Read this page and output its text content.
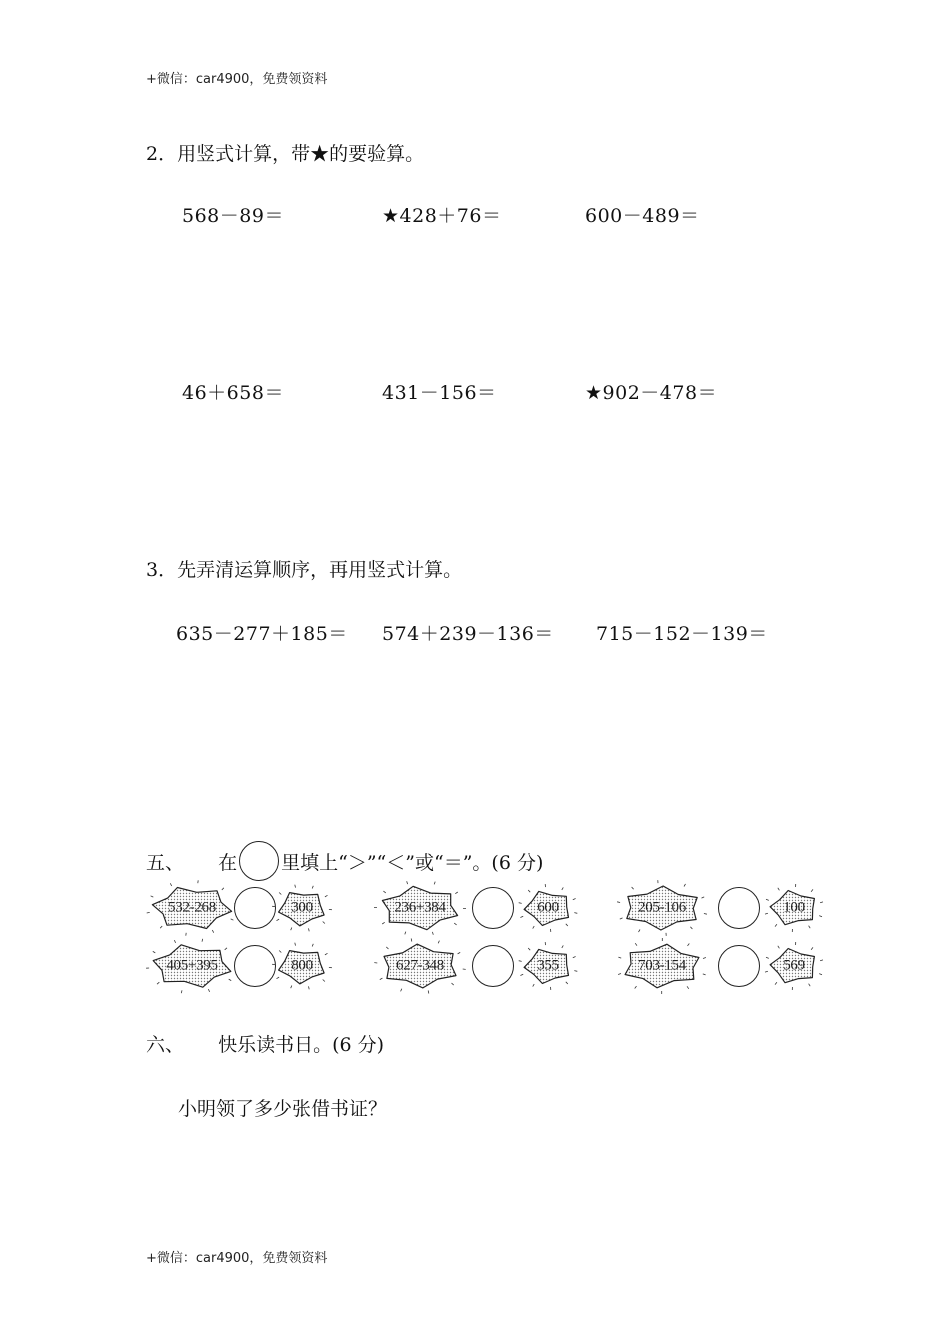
+微信：car4900，免费领资料
2．用竖式计算，带★的要验算。
568－89＝	★428＋76＝	600－489＝
46＋658＝	431－156＝	★902－478＝
3．先弄清运算顺序，再用竖式计算。
635－277＋185＝ 574＋239－136＝ 715－152－139＝
五、 在 里填上“＞”“＜”或“＝”。(6 分)
532-268	300	236+384	600	205-106	100
405+395	800	627-348	355	703-154	569
六、 快乐读书日。(6 分)
小明领了多少张借书证？
+微信：car4900，免费领资料
